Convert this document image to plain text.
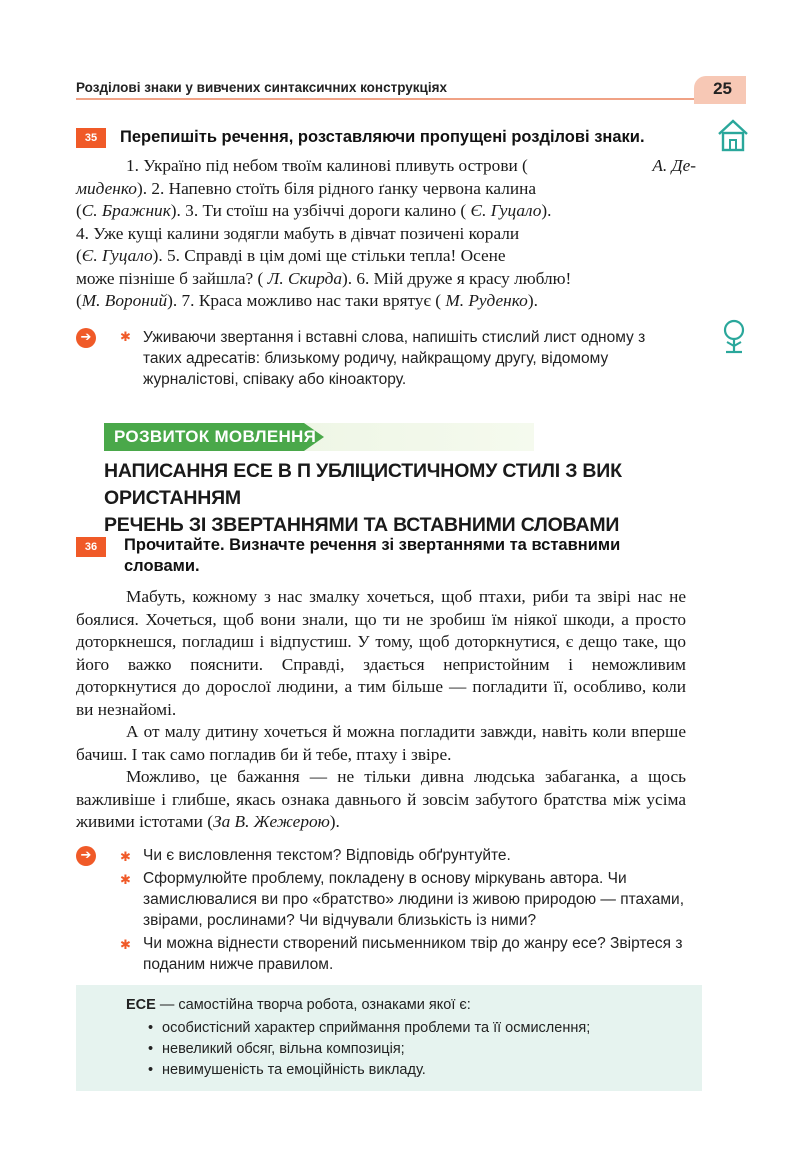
Розділові знаки у вивчених синтаксичних конструкціях	25
35	Перепишіть речення, розставляючи пропущені розділові знаки.

1. Україно під небом твоїм калинові пливуть острови (	А. Де-

миденко). 2. Напевно стоїть біля рідного ґанку червона калина

(С. Бражник). 3. Ти стоїш на узбіччі дороги калино ( Є. Гуцало).

4. Уже кущі калини зодягли мабуть в дівчат позичені корали

(Є. Гуцало). 5. Справді в цім домі ще стільки тепла! Осене

може пізніше б зайшла? ( Л. Скирда). 6. Мій друже я красу люблю!

(М. Вороний). 7. Краса можливо нас таки врятує ( М. Руденко).

➔	✱ Уживаючи звертання і вставні слова, напишіть стислий лист одному з таких адресатів: близькому родичу, найкращому другу, відомому журналістові, співаку або кіноактору.
РОЗВИТОК МОВЛЕННЯ
НАПИСАННЯ ЕСЕ В П УБЛІЦИСТИЧНОМУ СТИЛІ З ВИК ОРИСТАННЯМ
РЕЧЕНЬ ЗІ ЗВЕРТАННЯМИ ТА ВСТАВНИМИ СЛОВАМИ
36	Прочитайте. Визначте речення зі звертаннями та вставними словами.

Мабуть, кожному з нас змалку хочеться, щоб птахи, риби та звірі нас не боялися. Хочеться, щоб вони знали, що ти не зробиш їм ніякої шкоди, а просто доторкнешся, погладиш і відпустиш. У тому, щоб доторкнутися, є дещо таке, що його важко пояснити. Справді, здається непристойним і неможливим доторкнутися до дорослої людини, а тим більше — погладити її, особливо, коли ви незнайомі.

А от малу дитину хочеться й можна погладити завжди, навіть коли вперше бачиш. І так само погладив би й тебе, птаху і звіре.

Можливо, це бажання — не тільки дивна людська забаганка, а щось важливіше і глибше, якась ознака давнього й зовсім забутого братства між усіма живими істотами (За В. Жежерою).

➔	✱ Чи є висловлення текстом? Відповідь обґрунтуйте.
✱ Сформулюйте проблему, покладену в основу міркувань автора. Чи замислювалися ви про «братство» людини із живою природою — птахами, звірами, рослинами? Чи відчували близькість із ними?
✱ Чи можна віднести створений письменником твір до жанру есе? Звіртеся з поданим нижче правилом.
ЕСЕ — самостійна творча робота, ознаками якої є:
• особистісний характер сприймання проблеми та її осмислення;
• невеликий обсяг, вільна композиція;
• невимушеність та емоційність викладу.
